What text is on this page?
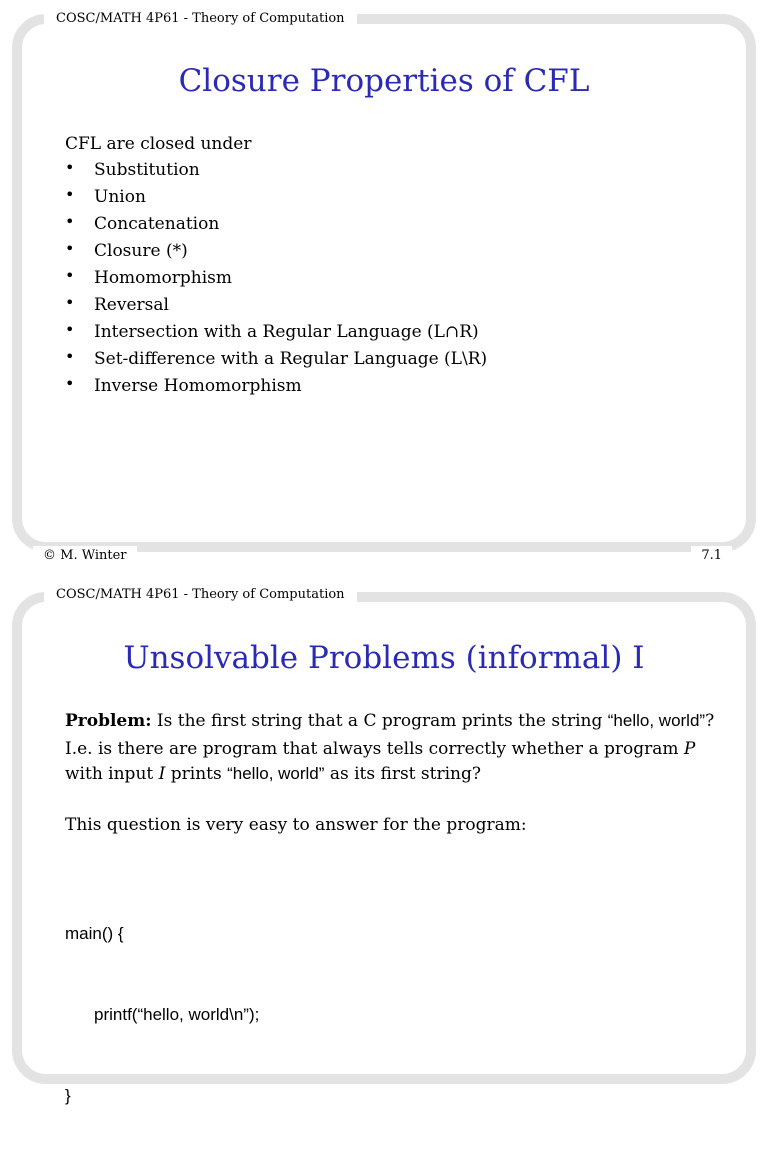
COSC/MATH 4P61 - Theory of Computation
Closure Properties of CFL
CFL are closed under
• Substitution
• Union
• Concatenation
• Closure (*)
• Homomorphism
• Reversal
• Intersection with a Regular Language (L∩R)
• Set-difference with a Regular Language (L\R)
• Inverse Homomorphism
© M. Winter	7.1
COSC/MATH 4P61 - Theory of Computation
Unsolvable Problems (informal) I
Problem: Is the first string that a C program prints the string “hello, world”?
I.e. is there are program that always tells correctly whether a program P
with input I prints “hello, world” as its first string?
This question is very easy to answer for the program:

main() {

printf(“hello, world\n”);

}
